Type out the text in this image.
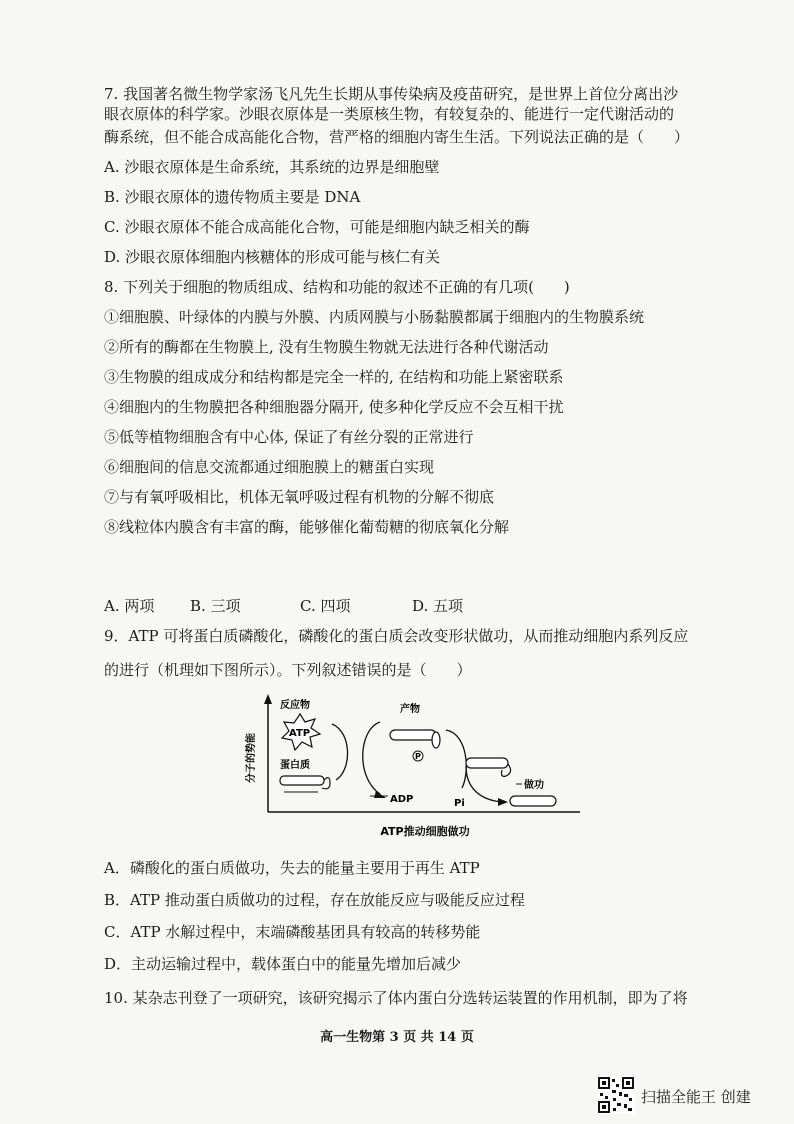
7. 我国著名微生物学家汤飞凡先生长期从事传染病及疫苗研究，是世界上首位分离出沙
眼衣原体的科学家。沙眼衣原体是一类原核生物，有较复杂的、能进行一定代谢活动的
酶系统，但不能合成高能化合物，营严格的细胞内寄生生活。下列说法正确的是（　　）
A. 沙眼衣原体是生命系统，其系统的边界是细胞壁
B. 沙眼衣原体的遗传物质主要是 DNA
C. 沙眼衣原体不能合成高能化合物，可能是细胞内缺乏相关的酶
D. 沙眼衣原体细胞内核糖体的形成可能与核仁有关
8. 下列关于细胞的物质组成、结构和功能的叙述不正确的有几项(　　)
①细胞膜、叶绿体的内膜与外膜、内质网膜与小肠黏膜都属于细胞内的生物膜系统
②所有的酶都在生物膜上, 没有生物膜生物就无法进行各种代谢活动
③生物膜的组成成分和结构都是完全一样的, 在结构和功能上紧密联系
④细胞内的生物膜把各种细胞器分隔开, 使多种化学反应不会互相干扰
⑤低等植物细胞含有中心体, 保证了有丝分裂的正常进行
⑥细胞间的信息交流都通过细胞膜上的糖蛋白实现
⑦与有氧呼吸相比，机体无氧呼吸过程有机物的分解不彻底
⑧线粒体内膜含有丰富的酶，能够催化葡萄糖的彻底氧化分解
A. 两项 B. 三项	C. 四项	D. 五项
9．ATP 可将蛋白质磷酸化，磷酸化的蛋白质会改变形状做功，从而推动细胞内系列反应
的进行（机理如下图所示）。下列叙述错误的是（　　）
分子的势能
ATP推动细胞做功
反应物
ATP
蛋白质
ADP
产物
P
Pi
做功
A．磷酸化的蛋白质做功，失去的能量主要用于再生 ATP
B．ATP 推动蛋白质做功的过程，存在放能反应与吸能反应过程
C．ATP 水解过程中，末端磷酸基团具有较高的转移势能
D．主动运输过程中，载体蛋白中的能量先增加后减少
10. 某杂志刊登了一项研究，该研究揭示了体内蛋白分选转运装置的作用机制，即为了将
高一生物第 3 页 共 14 页
扫描全能王 创建
